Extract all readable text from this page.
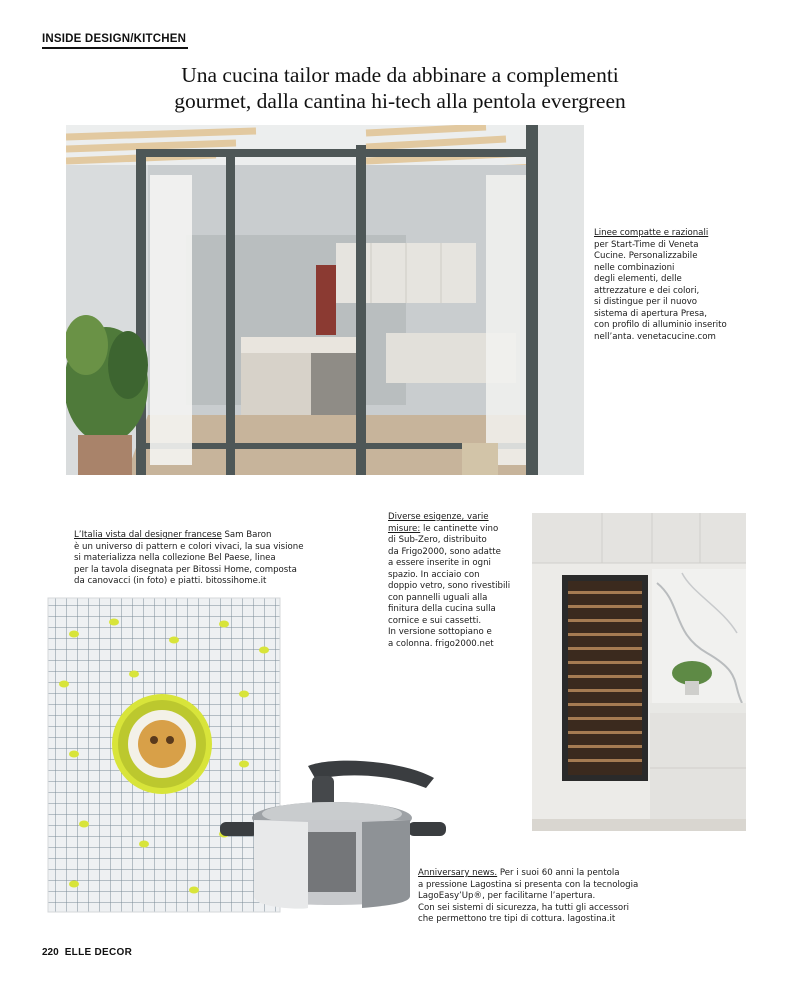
INSIDE DESIGN/KITCHEN
Una cucina tailor made da abbinare a complementi
gourmet, dalla cantina hi-tech alla pentola evergreen
Linee compatte e razionali
per Start-Time di Veneta
Cucine. Personalizzabile
nelle combinazioni
degli elementi, delle
attrezzature e dei colori,
si distingue per il nuovo
sistema di apertura Presa,
con profilo di alluminio inserito
nell’anta. venetacucine.com
L’Italia vista dal designer francese Sam Baron
è un universo di pattern e colori vivaci, la sua visione
si materializza nella collezione Bel Paese, linea
per la tavola disegnata per Bitossi Home, composta
da canovacci (in foto) e piatti. bitossihome.it
Diverse esigenze, varie
misure: le cantinette vino
di Sub-Zero, distribuito
da Frigo2000, sono adatte
a essere inserite in ogni
spazio. In acciaio con
doppio vetro, sono rivestibili
con pannelli uguali alla
finitura della cucina sulla
cornice e sui cassetti.
In versione sottopiano e
a colonna. frigo2000.net
Anniversary news. Per i suoi 60 anni la pentola
a pressione Lagostina si presenta con la tecnologia
LagoEasy’Up®, per facilitarne l’apertura.
Con sei sistemi di sicurezza, ha tutti gli accessori
che permettono tre tipi di cottura. lagostina.it
220 ELLE DECOR
